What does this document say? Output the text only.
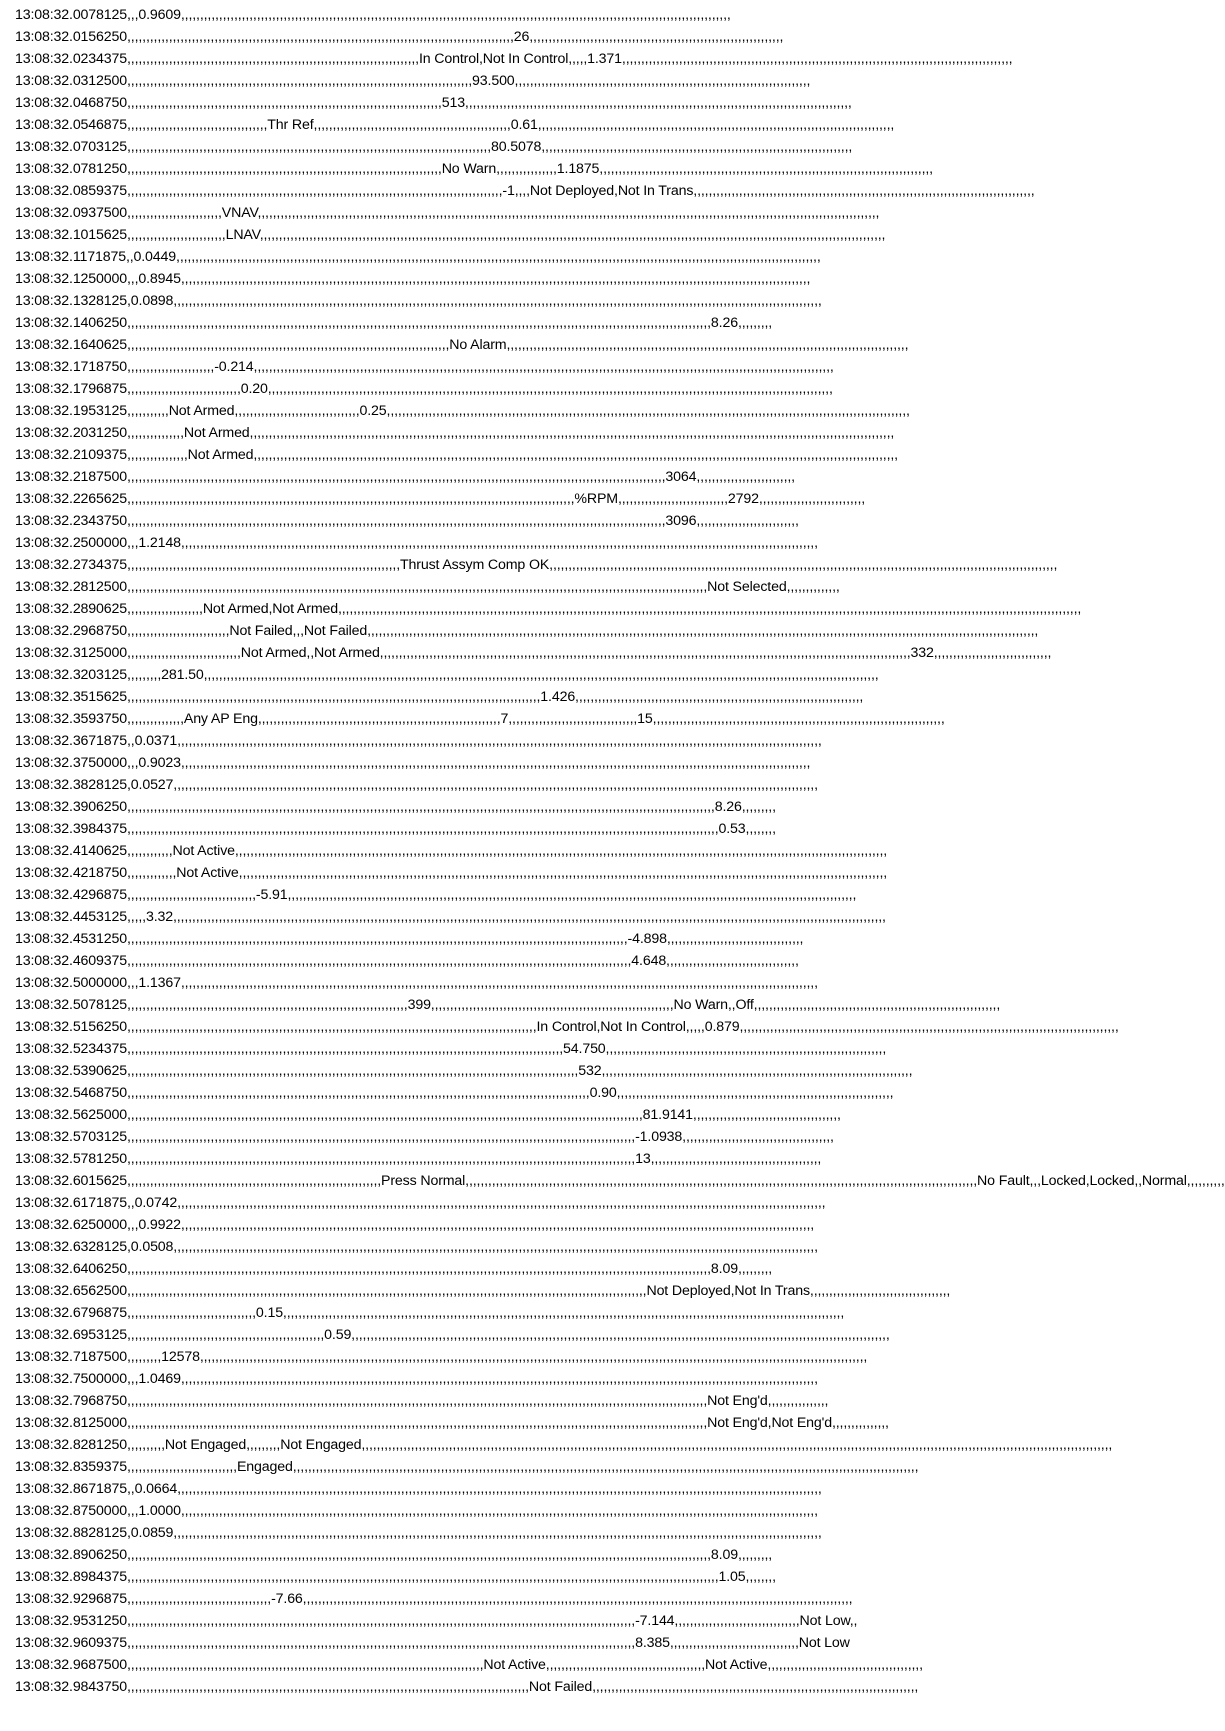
13:08:32.0078125,,,0.9609,,,,,,,,,,,,,,,,,,,,,,,,,,,,,,,,,,,,,,,,,,,,,,,,,,,,,,,,,,,,,,,,,,,,,,,,,,,,,,,,,,,,,,,,,,,,,,,,,,,,,,,,,,,,,,,,,,,,,,,,,,,,,,,,,,,,,,,,,,,,,,,,,
13:08:32.0156250,,,,,,,,,,,,,,,,,,,,,,,,,,,,,,,,,,,,,,,,,,,,,,,,,,,,,,,,,,,,,,,,,,,,,,,,,,,,,,,,,,,,,,,,,,,,,,,,,,,,,,26,,,,,,,,,,,,,,,,,,,,,,,,,,,,,,,,,,,,,,,,,,,,,,,,,,,,,,,,,,,,,,,,,,,
13:08:32.0234375,,,,,,,,,,,,,,,,,,,,,,,,,,,,,,,,,,,,,,,,,,,,,,,,,,,,,,,,,,,,,,,,,,,,,,,,,,,,,In Control,Not In Control,,,,,1.371,,,,,,,,,,,,,,,,,,,,,,,,,,,,,,,,,,,,,,,,,,,,,,,,,,,,,,,,,,,,,,,,,,,,,,,,,,,,,,,,,,,,,,,,,,,,,,,,,,,,,,,
13:08:32.0312500,,,,,,,,,,,,,,,,,,,,,,,,,,,,,,,,,,,,,,,,,,,,,,,,,,,,,,,,,,,,,,,,,,,,,,,,,,,,,,,,,,,,,,,,,,,93.500,,,,,,,,,,,,,,,,,,,,,,,,,,,,,,,,,,,,,,,,,,,,,,,,,,,,,,,,,,,,,,,,,,,,,,,,,,,,,,
13:08:32.0468750,,,,,,,,,,,,,,,,,,,,,,,,,,,,,,,,,,,,,,,,,,,,,,,,,,,,,,,,,,,,,,,,,,,,,,,,,,,,,,,,,,,513,,,,,,,,,,,,,,,,,,,,,,,,,,,,,,,,,,,,,,,,,,,,,,,,,,,,,,,,,,,,,,,,,,,,,,,,,,,,,,,,,,,,,,,,,,,,,,,,,,,,,,
13:08:32.0546875,,,,,,,,,,,,,,,,,,,,,,,,,,,,,,,,,,,,,Thr Ref,,,,,,,,,,,,,,,,,,,,,,,,,,,,,,,,,,,,,,,,,,,,,,,,,,,,0.61,,,,,,,,,,,,,,,,,,,,,,,,,,,,,,,,,,,,,,,,,,,,,,,,,,,,,,,,,,,,,,,,,,,,,,,,,,,,,,,,,,,,,,,,,,,,,,
13:08:32.0703125,,,,,,,,,,,,,,,,,,,,,,,,,,,,,,,,,,,,,,,,,,,,,,,,,,,,,,,,,,,,,,,,,,,,,,,,,,,,,,,,,,,,,,,,,,,,,,,,80.5078,,,,,,,,,,,,,,,,,,,,,,,,,,,,,,,,,,,,,,,,,,,,,,,,,,,,,,,,,,,,,,,,,,,,,,,,,,,,,,,,,,
13:08:32.0781250,,,,,,,,,,,,,,,,,,,,,,,,,,,,,,,,,,,,,,,,,,,,,,,,,,,,,,,,,,,,,,,,,,,,,,,,,,,,,,,,,,,No Warn,,,,,,,,,,,,,,,,1.1875,,,,,,,,,,,,,,,,,,,,,,,,,,,,,,,,,,,,,,,,,,,,,,,,,,,,,,,,,,,,,,,,,,,,,,,,,,,,,,,,,,,,,,,,
13:08:32.0859375,,,,,,,,,,,,,,,,,,,,,,,,,,,,,,,,,,,,,,,,,,,,,,,,,,,,,,,,,,,,,,,,,,,,,,,,,,,,,,,,,,,,,,,,,,,,,,,,,,,-1,,,,Not Deployed,Not In Trans,,,,,,,,,,,,,,,,,,,,,,,,,,,,,,,,,,,,,,,,,,,,,,,,,,,,,,,,,,,,,,,,,,,,,,,,,,,,,,,,,,,,,,,,,,
13:08:32.0937500,,,,,,,,,,,,,,,,,,,,,,,,,VNAV,,,,,,,,,,,,,,,,,,,,,,,,,,,,,,,,,,,,,,,,,,,,,,,,,,,,,,,,,,,,,,,,,,,,,,,,,,,,,,,,,,,,,,,,,,,,,,,,,,,,,,,,,,,,,,,,,,,,,,,,,,,,,,,,,,,,,,,,,,,,,,,,,,,,,,,,,,,,,,,,,,,,
13:08:32.1015625,,,,,,,,,,,,,,,,,,,,,,,,,,LNAV,,,,,,,,,,,,,,,,,,,,,,,,,,,,,,,,,,,,,,,,,,,,,,,,,,,,,,,,,,,,,,,,,,,,,,,,,,,,,,,,,,,,,,,,,,,,,,,,,,,,,,,,,,,,,,,,,,,,,,,,,,,,,,,,,,,,,,,,,,,,,,,,,,,,,,,,,,,,,,,,,,,,,
13:08:32.1171875,,0.0449,,,,,,,,,,,,,,,,,,,,,,,,,,,,,,,,,,,,,,,,,,,,,,,,,,,,,,,,,,,,,,,,,,,,,,,,,,,,,,,,,,,,,,,,,,,,,,,,,,,,,,,,,,,,,,,,,,,,,,,,,,,,,,,,,,,,,,,,,,,,,,,,,,,,,,,,,,,,,,,,,,,,,,,,,,
13:08:32.1250000,,,0.8945,,,,,,,,,,,,,,,,,,,,,,,,,,,,,,,,,,,,,,,,,,,,,,,,,,,,,,,,,,,,,,,,,,,,,,,,,,,,,,,,,,,,,,,,,,,,,,,,,,,,,,,,,,,,,,,,,,,,,,,,,,,,,,,,,,,,,,,,,,,,,,,,,,,,,,,,,,,,,,,,,,,,,,
13:08:32.1328125,0.0898,,,,,,,,,,,,,,,,,,,,,,,,,,,,,,,,,,,,,,,,,,,,,,,,,,,,,,,,,,,,,,,,,,,,,,,,,,,,,,,,,,,,,,,,,,,,,,,,,,,,,,,,,,,,,,,,,,,,,,,,,,,,,,,,,,,,,,,,,,,,,,,,,,,,,,,,,,,,,,,,,,,,,,,,,,,
13:08:32.1406250,,,,,,,,,,,,,,,,,,,,,,,,,,,,,,,,,,,,,,,,,,,,,,,,,,,,,,,,,,,,,,,,,,,,,,,,,,,,,,,,,,,,,,,,,,,,,,,,,,,,,,,,,,,,,,,,,,,,,,,,,,,,,,,,,,,,,,,,,,,,,,,,,,,,,,,,,,8.26,,,,,,,,,
13:08:32.1640625,,,,,,,,,,,,,,,,,,,,,,,,,,,,,,,,,,,,,,,,,,,,,,,,,,,,,,,,,,,,,,,,,,,,,,,,,,,,,,,,,,,,,No Alarm,,,,,,,,,,,,,,,,,,,,,,,,,,,,,,,,,,,,,,,,,,,,,,,,,,,,,,,,,,,,,,,,,,,,,,,,,,,,,,,,,,,,,,,,,,,,,,,,,,,,,,,,,,
13:08:32.1718750,,,,,,,,,,,,,,,,,,,,,,,-0.214,,,,,,,,,,,,,,,,,,,,,,,,,,,,,,,,,,,,,,,,,,,,,,,,,,,,,,,,,,,,,,,,,,,,,,,,,,,,,,,,,,,,,,,,,,,,,,,,,,,,,,,,,,,,,,,,,,,,,,,,,,,,,,,,,,,,,,,,,,,,,,,,,,,,,,,,,
13:08:32.1796875,,,,,,,,,,,,,,,,,,,,,,,,,,,,,,0.20,,,,,,,,,,,,,,,,,,,,,,,,,,,,,,,,,,,,,,,,,,,,,,,,,,,,,,,,,,,,,,,,,,,,,,,,,,,,,,,,,,,,,,,,,,,,,,,,,,,,,,,,,,,,,,,,,,,,,,,,,,,,,,,,,,,,,,,,,,,,,,,,,,,,,
13:08:32.1953125,,,,,,,,,,,Not Armed,,,,,,,,,,,,,,,,,,,,,,,,,,,,,,,,,0.25,,,,,,,,,,,,,,,,,,,,,,,,,,,,,,,,,,,,,,,,,,,,,,,,,,,,,,,,,,,,,,,,,,,,,,,,,,,,,,,,,,,,,,,,,,,,,,,,,,,,,,,,,,,,,,,,,,,,,,,,,,,,,,,,,,,,,,,,,,
13:08:32.2031250,,,,,,,,,,,,,,,Not Armed,,,,,,,,,,,,,,,,,,,,,,,,,,,,,,,,,,,,,,,,,,,,,,,,,,,,,,,,,,,,,,,,,,,,,,,,,,,,,,,,,,,,,,,,,,,,,,,,,,,,,,,,,,,,,,,,,,,,,,,,,,,,,,,,,,,,,,,,,,,,,,,,,,,,,,,,,,,,,,,,,,,,,,,,,,
13:08:32.2109375,,,,,,,,,,,,,,,,Not Armed,,,,,,,,,,,,,,,,,,,,,,,,,,,,,,,,,,,,,,,,,,,,,,,,,,,,,,,,,,,,,,,,,,,,,,,,,,,,,,,,,,,,,,,,,,,,,,,,,,,,,,,,,,,,,,,,,,,,,,,,,,,,,,,,,,,,,,,,,,,,,,,,,,,,,,,,,,,,,,,,,,,,,,,,,,
13:08:32.2187500,,,,,,,,,,,,,,,,,,,,,,,,,,,,,,,,,,,,,,,,,,,,,,,,,,,,,,,,,,,,,,,,,,,,,,,,,,,,,,,,,,,,,,,,,,,,,,,,,,,,,,,,,,,,,,,,,,,,,,,,,,,,,,,,,,,,,,,,,,,,,,3064,,,,,,,,,,,,,,,,,,,,,,,,,,
13:08:32.2265625,,,,,,,,,,,,,,,,,,,,,,,,,,,,,,,,,,,,,,,,,,,,,,,,,,,,,,,,,,,,,,,,,,,,,,,,,,,,,,,,,,,,,,,,,,,,,,,,,,,,,,,,,,,,,,,,,,,,,,%RPM,,,,,,,,,,,,,,,,,,,,,,,,,,,,,2792,,,,,,,,,,,,,,,,,,,,,,,,,,,,
13:08:32.2343750,,,,,,,,,,,,,,,,,,,,,,,,,,,,,,,,,,,,,,,,,,,,,,,,,,,,,,,,,,,,,,,,,,,,,,,,,,,,,,,,,,,,,,,,,,,,,,,,,,,,,,,,,,,,,,,,,,,,,,,,,,,,,,,,,,,,,,,,,,,,,,3096,,,,,,,,,,,,,,,,,,,,,,,,,,,
13:08:32.2500000,,,1.2148,,,,,,,,,,,,,,,,,,,,,,,,,,,,,,,,,,,,,,,,,,,,,,,,,,,,,,,,,,,,,,,,,,,,,,,,,,,,,,,,,,,,,,,,,,,,,,,,,,,,,,,,,,,,,,,,,,,,,,,,,,,,,,,,,,,,,,,,,,,,,,,,,,,,,,,,,,,,,,,,,,,,,,,,
13:08:32.2734375,,,,,,,,,,,,,,,,,,,,,,,,,,,,,,,,,,,,,,,,,,,,,,,,,,,,,,,,,,,,,,,,,,,,,,,,Thrust Assym Comp OK,,,,,,,,,,,,,,,,,,,,,,,,,,,,,,,,,,,,,,,,,,,,,,,,,,,,,,,,,,,,,,,,,,,,,,,,,,,,,,,,,,,,,,,,,,,,,,,,,,,,,,,,,,,,,,,,,,,,,,,,,,,,,,,,,,,,,,
13:08:32.2812500,,,,,,,,,,,,,,,,,,,,,,,,,,,,,,,,,,,,,,,,,,,,,,,,,,,,,,,,,,,,,,,,,,,,,,,,,,,,,,,,,,,,,,,,,,,,,,,,,,,,,,,,,,,,,,,,,,,,,,,,,,,,,,,,,,,,,,,,,,,,,,,,,,,,,,,,,Not Selected,,,,,,,,,,,,,,
13:08:32.2890625,,,,,,,,,,,,,,,,,,,,Not Armed,Not Armed,,,,,,,,,,,,,,,,,,,,,,,,,,,,,,,,,,,,,,,,,,,,,,,,,,,,,,,,,,,,,,,,,,,,,,,,,,,,,,,,,,,,,,,,,,,,,,,,,,,,,,,,,,,,,,,,,,,,,,,,,,,,,,,,,,,,,,,,,,,,,,,,,,,,,,,,,,,,,,,,,,,,,,,,,,,,,,,,,,,,,,,,,,,,,,,,,,,,
13:08:32.2968750,,,,,,,,,,,,,,,,,,,,,,,,,,,Not Failed,,,Not Failed,,,,,,,,,,,,,,,,,,,,,,,,,,,,,,,,,,,,,,,,,,,,,,,,,,,,,,,,,,,,,,,,,,,,,,,,,,,,,,,,,,,,,,,,,,,,,,,,,,,,,,,,,,,,,,,,,,,,,,,,,,,,,,,,,,,,,,,,,,,,,,,,,,,,,,,,,,,,,,,,,,,,,,,,,,,,,,,,,
13:08:32.3125000,,,,,,,,,,,,,,,,,,,,,,,,,,,,,,Not Armed,,Not Armed,,,,,,,,,,,,,,,,,,,,,,,,,,,,,,,,,,,,,,,,,,,,,,,,,,,,,,,,,,,,,,,,,,,,,,,,,,,,,,,,,,,,,,,,,,,,,,,,,,,,,,,,,,,,,,,,,,,,,,,,,,,,,,,,,,,,,,,,,,,,332,,,,,,,,,,,,,,,,,,,,,,,,,,,,,,,
13:08:32.3203125,,,,,,,,,281.50,,,,,,,,,,,,,,,,,,,,,,,,,,,,,,,,,,,,,,,,,,,,,,,,,,,,,,,,,,,,,,,,,,,,,,,,,,,,,,,,,,,,,,,,,,,,,,,,,,,,,,,,,,,,,,,,,,,,,,,,,,,,,,,,,,,,,,,,,,,,,,,,,,,,,,,,,,,,,,,,,,,,,,,,,,,,,,,,,,
13:08:32.3515625,,,,,,,,,,,,,,,,,,,,,,,,,,,,,,,,,,,,,,,,,,,,,,,,,,,,,,,,,,,,,,,,,,,,,,,,,,,,,,,,,,,,,,,,,,,,,,,,,,,,,,,,,,,,,1.426,,,,,,,,,,,,,,,,,,,,,,,,,,,,,,,,,,,,,,,,,,,,,,,,,,,,,,,,,,,,,,,,,,,,,,,,,,,,
13:08:32.3593750,,,,,,,,,,,,,,,Any AP Eng,,,,,,,,,,,,,,,,,,,,,,,,,,,,,,,,,,,,,,,,,,,,,,,,,,,,,,,,,,,,,,,,7,,,,,,,,,,,,,,,,,,,,,,,,,,,,,,,,,,15,,,,,,,,,,,,,,,,,,,,,,,,,,,,,,,,,,,,,,,,,,,,,,,,,,,,,,,,,,,,,,,,,,,,,,,,,,,,,
13:08:32.3671875,,0.0371,,,,,,,,,,,,,,,,,,,,,,,,,,,,,,,,,,,,,,,,,,,,,,,,,,,,,,,,,,,,,,,,,,,,,,,,,,,,,,,,,,,,,,,,,,,,,,,,,,,,,,,,,,,,,,,,,,,,,,,,,,,,,,,,,,,,,,,,,,,,,,,,,,,,,,,,,,,,,,,,,,,,,,,,,,
13:08:32.3750000,,,0.9023,,,,,,,,,,,,,,,,,,,,,,,,,,,,,,,,,,,,,,,,,,,,,,,,,,,,,,,,,,,,,,,,,,,,,,,,,,,,,,,,,,,,,,,,,,,,,,,,,,,,,,,,,,,,,,,,,,,,,,,,,,,,,,,,,,,,,,,,,,,,,,,,,,,,,,,,,,,,,,,,,,,,,,
13:08:32.3828125,0.0527,,,,,,,,,,,,,,,,,,,,,,,,,,,,,,,,,,,,,,,,,,,,,,,,,,,,,,,,,,,,,,,,,,,,,,,,,,,,,,,,,,,,,,,,,,,,,,,,,,,,,,,,,,,,,,,,,,,,,,,,,,,,,,,,,,,,,,,,,,,,,,,,,,,,,,,,,,,,,,,,,,,,,,,,,,
13:08:32.3906250,,,,,,,,,,,,,,,,,,,,,,,,,,,,,,,,,,,,,,,,,,,,,,,,,,,,,,,,,,,,,,,,,,,,,,,,,,,,,,,,,,,,,,,,,,,,,,,,,,,,,,,,,,,,,,,,,,,,,,,,,,,,,,,,,,,,,,,,,,,,,,,,,,,,,,,,,,,8.26,,,,,,,,,
13:08:32.3984375,,,,,,,,,,,,,,,,,,,,,,,,,,,,,,,,,,,,,,,,,,,,,,,,,,,,,,,,,,,,,,,,,,,,,,,,,,,,,,,,,,,,,,,,,,,,,,,,,,,,,,,,,,,,,,,,,,,,,,,,,,,,,,,,,,,,,,,,,,,,,,,,,,,,,,,,,,,,0.53,,,,,,,,
13:08:32.4140625,,,,,,,,,,,,Not Active,,,,,,,,,,,,,,,,,,,,,,,,,,,,,,,,,,,,,,,,,,,,,,,,,,,,,,,,,,,,,,,,,,,,,,,,,,,,,,,,,,,,,,,,,,,,,,,,,,,,,,,,,,,,,,,,,,,,,,,,,,,,,,,,,,,,,,,,,,,,,,,,,,,,,,,,,,,,,,,,,,,,,,,,,,,,
13:08:32.4218750,,,,,,,,,,,,,Not Active,,,,,,,,,,,,,,,,,,,,,,,,,,,,,,,,,,,,,,,,,,,,,,,,,,,,,,,,,,,,,,,,,,,,,,,,,,,,,,,,,,,,,,,,,,,,,,,,,,,,,,,,,,,,,,,,,,,,,,,,,,,,,,,,,,,,,,,,,,,,,,,,,,,,,,,,,,,,,,,,,,,,,,,,,,,
13:08:32.4296875,,,,,,,,,,,,,,,,,,,,,,,,,,,,,,,,,,-5.91,,,,,,,,,,,,,,,,,,,,,,,,,,,,,,,,,,,,,,,,,,,,,,,,,,,,,,,,,,,,,,,,,,,,,,,,,,,,,,,,,,,,,,,,,,,,,,,,,,,,,,,,,,,,,,,,,,,,,,,,,,,,,,,,,,,,,,,,,,,,,,,,,,,,,,
13:08:32.4453125,,,,,3.32,,,,,,,,,,,,,,,,,,,,,,,,,,,,,,,,,,,,,,,,,,,,,,,,,,,,,,,,,,,,,,,,,,,,,,,,,,,,,,,,,,,,,,,,,,,,,,,,,,,,,,,,,,,,,,,,,,,,,,,,,,,,,,,,,,,,,,,,,,,,,,,,,,,,,,,,,,,,,,,,,,,,,,,,,,,,,,,,,,,,,,,,,,,,
13:08:32.4531250,,,,,,,,,,,,,,,,,,,,,,,,,,,,,,,,,,,,,,,,,,,,,,,,,,,,,,,,,,,,,,,,,,,,,,,,,,,,,,,,,,,,,,,,,,,,,,,,,,,,,,,,,,,,,,,,,,,,,,,,,,,,,,,,,,,,-4.898,,,,,,,,,,,,,,,,,,,,,,,,,,,,,,,,,,,,
13:08:32.4609375,,,,,,,,,,,,,,,,,,,,,,,,,,,,,,,,,,,,,,,,,,,,,,,,,,,,,,,,,,,,,,,,,,,,,,,,,,,,,,,,,,,,,,,,,,,,,,,,,,,,,,,,,,,,,,,,,,,,,,,,,,,,,,,,,,,,,4.648,,,,,,,,,,,,,,,,,,,,,,,,,,,,,,,,,,,
13:08:32.5000000,,,1.1367,,,,,,,,,,,,,,,,,,,,,,,,,,,,,,,,,,,,,,,,,,,,,,,,,,,,,,,,,,,,,,,,,,,,,,,,,,,,,,,,,,,,,,,,,,,,,,,,,,,,,,,,,,,,,,,,,,,,,,,,,,,,,,,,,,,,,,,,,,,,,,,,,,,,,,,,,,,,,,,,,,,,,,,,
13:08:32.5078125,,,,,,,,,,,,,,,,,,,,,,,,,,,,,,,,,,,,,,,,,,,,,,,,,,,,,,,,,,,,,,,,,,,,,,,,,,399,,,,,,,,,,,,,,,,,,,,,,,,,,,,,,,,,,,,,,,,,,,,,,,,,,,,,,,,,,,,,,,,No Warn,,Off,,,,,,,,,,,,,,,,,,,,,,,,,,,,,,,,,,,,,,,,,,,,,,,,,,,,,,,,,,,,,,,,,
13:08:32.5156250,,,,,,,,,,,,,,,,,,,,,,,,,,,,,,,,,,,,,,,,,,,,,,,,,,,,,,,,,,,,,,,,,,,,,,,,,,,,,,,,,,,,,,,,,,,,,,,,,,,,,,,,,,,,In Control,Not In Control,,,,,0.879,,,,,,,,,,,,,,,,,,,,,,,,,,,,,,,,,,,,,,,,,,,,,,,,,,,,,,,,,,,,,,,,,,,,,,,,,,,,,,,,,,,,,,,,,,,,,,,,,,,,
13:08:32.5234375,,,,,,,,,,,,,,,,,,,,,,,,,,,,,,,,,,,,,,,,,,,,,,,,,,,,,,,,,,,,,,,,,,,,,,,,,,,,,,,,,,,,,,,,,,,,,,,,,,,,,,,,,,,,,,,,,,,54.750,,,,,,,,,,,,,,,,,,,,,,,,,,,,,,,,,,,,,,,,,,,,,,,,,,,,,,,,,,,,,,,,,,,,,,,,,,
13:08:32.5390625,,,,,,,,,,,,,,,,,,,,,,,,,,,,,,,,,,,,,,,,,,,,,,,,,,,,,,,,,,,,,,,,,,,,,,,,,,,,,,,,,,,,,,,,,,,,,,,,,,,,,,,,,,,,,,,,,,,,,,,532,,,,,,,,,,,,,,,,,,,,,,,,,,,,,,,,,,,,,,,,,,,,,,,,,,,,,,,,,,,,,,,,,,,,,,,,,,,,,,,,,,
13:08:32.5468750,,,,,,,,,,,,,,,,,,,,,,,,,,,,,,,,,,,,,,,,,,,,,,,,,,,,,,,,,,,,,,,,,,,,,,,,,,,,,,,,,,,,,,,,,,,,,,,,,,,,,,,,,,,,,,,,,,,,,,,,,,0.90,,,,,,,,,,,,,,,,,,,,,,,,,,,,,,,,,,,,,,,,,,,,,,,,,,,,,,,,,,,,,,,,,,,,,,,,,
13:08:32.5625000,,,,,,,,,,,,,,,,,,,,,,,,,,,,,,,,,,,,,,,,,,,,,,,,,,,,,,,,,,,,,,,,,,,,,,,,,,,,,,,,,,,,,,,,,,,,,,,,,,,,,,,,,,,,,,,,,,,,,,,,,,,,,,,,,,,,,,,,81.9141,,,,,,,,,,,,,,,,,,,,,,,,,,,,,,,,,,,,,,,
13:08:32.5703125,,,,,,,,,,,,,,,,,,,,,,,,,,,,,,,,,,,,,,,,,,,,,,,,,,,,,,,,,,,,,,,,,,,,,,,,,,,,,,,,,,,,,,,,,,,,,,,,,,,,,,,,,,,,,,,,,,,,,,,,,,,,,,,,,,,,,,-1.0938,,,,,,,,,,,,,,,,,,,,,,,,,,,,,,,,,,,,,,,,
13:08:32.5781250,,,,,,,,,,,,,,,,,,,,,,,,,,,,,,,,,,,,,,,,,,,,,,,,,,,,,,,,,,,,,,,,,,,,,,,,,,,,,,,,,,,,,,,,,,,,,,,,,,,,,,,,,,,,,,,,,,,,,,,,,,,,,,,,,,,,,,13,,,,,,,,,,,,,,,,,,,,,,,,,,,,,,,,,,,,,,,,,,,,,
13:08:32.6015625,,,,,,,,,,,,,,,,,,,,,,,,,,,,,,,,,,,,,,,,,,,,,,,,,,,,,,,,,,,,,,,,,,,Press Normal,,,,,,,,,,,,,,,,,,,,,,,,,,,,,,,,,,,,,,,,,,,,,,,,,,,,,,,,,,,,,,,,,,,,,,,,,,,,,,,,,,,,,,,,,,,,,,,,,,,,,,,,,,,,,,,,,,,,,,,,,,,,,,,,,,,,,,,No Fault,,,Locked,Locked,,Normal,,,,,,,,,,
13:08:32.6171875,,0.0742,,,,,,,,,,,,,,,,,,,,,,,,,,,,,,,,,,,,,,,,,,,,,,,,,,,,,,,,,,,,,,,,,,,,,,,,,,,,,,,,,,,,,,,,,,,,,,,,,,,,,,,,,,,,,,,,,,,,,,,,,,,,,,,,,,,,,,,,,,,,,,,,,,,,,,,,,,,,,,,,,,,,,,,,,,,
13:08:32.6250000,,,0.9922,,,,,,,,,,,,,,,,,,,,,,,,,,,,,,,,,,,,,,,,,,,,,,,,,,,,,,,,,,,,,,,,,,,,,,,,,,,,,,,,,,,,,,,,,,,,,,,,,,,,,,,,,,,,,,,,,,,,,,,,,,,,,,,,,,,,,,,,,,,,,,,,,,,,,,,,,,,,,,,,,,,,,,,
13:08:32.6328125,0.0508,,,,,,,,,,,,,,,,,,,,,,,,,,,,,,,,,,,,,,,,,,,,,,,,,,,,,,,,,,,,,,,,,,,,,,,,,,,,,,,,,,,,,,,,,,,,,,,,,,,,,,,,,,,,,,,,,,,,,,,,,,,,,,,,,,,,,,,,,,,,,,,,,,,,,,,,,,,,,,,,,,,,,,,,,,
13:08:32.6406250,,,,,,,,,,,,,,,,,,,,,,,,,,,,,,,,,,,,,,,,,,,,,,,,,,,,,,,,,,,,,,,,,,,,,,,,,,,,,,,,,,,,,,,,,,,,,,,,,,,,,,,,,,,,,,,,,,,,,,,,,,,,,,,,,,,,,,,,,,,,,,,,,,,,,,,,,,8.09,,,,,,,,,
13:08:32.6562500,,,,,,,,,,,,,,,,,,,,,,,,,,,,,,,,,,,,,,,,,,,,,,,,,,,,,,,,,,,,,,,,,,,,,,,,,,,,,,,,,,,,,,,,,,,,,,,,,,,,,,,,,,,,,,,,,,,,,,,,,,,,,,,,,,,,,,,,,Not Deployed,Not In Trans,,,,,,,,,,,,,,,,,,,,,,,,,,,,,,,,,,,,,
13:08:32.6796875,,,,,,,,,,,,,,,,,,,,,,,,,,,,,,,,,,0.15,,,,,,,,,,,,,,,,,,,,,,,,,,,,,,,,,,,,,,,,,,,,,,,,,,,,,,,,,,,,,,,,,,,,,,,,,,,,,,,,,,,,,,,,,,,,,,,,,,,,,,,,,,,,,,,,,,,,,,,,,,,,,,,,,,,,,,,,,,,,,,,,,,,,
13:08:32.6953125,,,,,,,,,,,,,,,,,,,,,,,,,,,,,,,,,,,,,,,,,,,,,,,,,,,,0.59,,,,,,,,,,,,,,,,,,,,,,,,,,,,,,,,,,,,,,,,,,,,,,,,,,,,,,,,,,,,,,,,,,,,,,,,,,,,,,,,,,,,,,,,,,,,,,,,,,,,,,,,,,,,,,,,,,,,,,,,,,,,,,,,,,,,,,,,,,,,,,
13:08:32.7187500,,,,,,,,,12578,,,,,,,,,,,,,,,,,,,,,,,,,,,,,,,,,,,,,,,,,,,,,,,,,,,,,,,,,,,,,,,,,,,,,,,,,,,,,,,,,,,,,,,,,,,,,,,,,,,,,,,,,,,,,,,,,,,,,,,,,,,,,,,,,,,,,,,,,,,,,,,,,,,,,,,,,,,,,,,,,,,,,,,,,,,,,,,,
13:08:32.7500000,,,1.0469,,,,,,,,,,,,,,,,,,,,,,,,,,,,,,,,,,,,,,,,,,,,,,,,,,,,,,,,,,,,,,,,,,,,,,,,,,,,,,,,,,,,,,,,,,,,,,,,,,,,,,,,,,,,,,,,,,,,,,,,,,,,,,,,,,,,,,,,,,,,,,,,,,,,,,,,,,,,,,,,,,,,,,,,
13:08:32.7968750,,,,,,,,,,,,,,,,,,,,,,,,,,,,,,,,,,,,,,,,,,,,,,,,,,,,,,,,,,,,,,,,,,,,,,,,,,,,,,,,,,,,,,,,,,,,,,,,,,,,,,,,,,,,,,,,,,,,,,,,,,,,,,,,,,,,,,,,,,,,,,,,,,,,,,,,,Not Eng'd,,,,,,,,,,,,,,,,
13:08:32.8125000,,,,,,,,,,,,,,,,,,,,,,,,,,,,,,,,,,,,,,,,,,,,,,,,,,,,,,,,,,,,,,,,,,,,,,,,,,,,,,,,,,,,,,,,,,,,,,,,,,,,,,,,,,,,,,,,,,,,,,,,,,,,,,,,,,,,,,,,,,,,,,,,,,,,,,,,,Not Eng'd,Not Eng'd,,,,,,,,,,,,,,,
13:08:32.8281250,,,,,,,,,,Not Engaged,,,,,,,,,Not Engaged,,,,,,,,,,,,,,,,,,,,,,,,,,,,,,,,,,,,,,,,,,,,,,,,,,,,,,,,,,,,,,,,,,,,,,,,,,,,,,,,,,,,,,,,,,,,,,,,,,,,,,,,,,,,,,,,,,,,,,,,,,,,,,,,,,,,,,,,,,,,,,,,,,,,,,,,,,,,,,,,,,,,,,,,,,,,,,,,,,,,,,,,,,,,,,,,,,,,,,
13:08:32.8359375,,,,,,,,,,,,,,,,,,,,,,,,,,,,,Engaged,,,,,,,,,,,,,,,,,,,,,,,,,,,,,,,,,,,,,,,,,,,,,,,,,,,,,,,,,,,,,,,,,,,,,,,,,,,,,,,,,,,,,,,,,,,,,,,,,,,,,,,,,,,,,,,,,,,,,,,,,,,,,,,,,,,,,,,,,,,,,,,,,,,,,,,,,,,,,,,,,,,,,
13:08:32.8671875,,0.0664,,,,,,,,,,,,,,,,,,,,,,,,,,,,,,,,,,,,,,,,,,,,,,,,,,,,,,,,,,,,,,,,,,,,,,,,,,,,,,,,,,,,,,,,,,,,,,,,,,,,,,,,,,,,,,,,,,,,,,,,,,,,,,,,,,,,,,,,,,,,,,,,,,,,,,,,,,,,,,,,,,,,,,,,,,
13:08:32.8750000,,,1.0000,,,,,,,,,,,,,,,,,,,,,,,,,,,,,,,,,,,,,,,,,,,,,,,,,,,,,,,,,,,,,,,,,,,,,,,,,,,,,,,,,,,,,,,,,,,,,,,,,,,,,,,,,,,,,,,,,,,,,,,,,,,,,,,,,,,,,,,,,,,,,,,,,,,,,,,,,,,,,,,,,,,,,,,,
13:08:32.8828125,0.0859,,,,,,,,,,,,,,,,,,,,,,,,,,,,,,,,,,,,,,,,,,,,,,,,,,,,,,,,,,,,,,,,,,,,,,,,,,,,,,,,,,,,,,,,,,,,,,,,,,,,,,,,,,,,,,,,,,,,,,,,,,,,,,,,,,,,,,,,,,,,,,,,,,,,,,,,,,,,,,,,,,,,,,,,,,,
13:08:32.8906250,,,,,,,,,,,,,,,,,,,,,,,,,,,,,,,,,,,,,,,,,,,,,,,,,,,,,,,,,,,,,,,,,,,,,,,,,,,,,,,,,,,,,,,,,,,,,,,,,,,,,,,,,,,,,,,,,,,,,,,,,,,,,,,,,,,,,,,,,,,,,,,,,,,,,,,,,,8.09,,,,,,,,,
13:08:32.8984375,,,,,,,,,,,,,,,,,,,,,,,,,,,,,,,,,,,,,,,,,,,,,,,,,,,,,,,,,,,,,,,,,,,,,,,,,,,,,,,,,,,,,,,,,,,,,,,,,,,,,,,,,,,,,,,,,,,,,,,,,,,,,,,,,,,,,,,,,,,,,,,,,,,,,,,,,,,,1.05,,,,,,,,
13:08:32.9296875,,,,,,,,,,,,,,,,,,,,,,,,,,,,,,,,,,,,,,-7.66,,,,,,,,,,,,,,,,,,,,,,,,,,,,,,,,,,,,,,,,,,,,,,,,,,,,,,,,,,,,,,,,,,,,,,,,,,,,,,,,,,,,,,,,,,,,,,,,,,,,,,,,,,,,,,,,,,,,,,,,,,,,,,,,,,,,,,,,,,,,,,,,,
13:08:32.9531250,,,,,,,,,,,,,,,,,,,,,,,,,,,,,,,,,,,,,,,,,,,,,,,,,,,,,,,,,,,,,,,,,,,,,,,,,,,,,,,,,,,,,,,,,,,,,,,,,,,,,,,,,,,,,,,,,,,,,,,,,,,,,,,,,,,,,,-7.144,,,,,,,,,,,,,,,,,,,,,,,,,,,,,,,,,Not Low,,
13:08:32.9609375,,,,,,,,,,,,,,,,,,,,,,,,,,,,,,,,,,,,,,,,,,,,,,,,,,,,,,,,,,,,,,,,,,,,,,,,,,,,,,,,,,,,,,,,,,,,,,,,,,,,,,,,,,,,,,,,,,,,,,,,,,,,,,,,,,,,,,8.385,,,,,,,,,,,,,,,,,,,,,,,,,,,,,,,,,,Not Low
13:08:32.9687500,,,,,,,,,,,,,,,,,,,,,,,,,,,,,,,,,,,,,,,,,,,,,,,,,,,,,,,,,,,,,,,,,,,,,,,,,,,,,,,,,,,,,,,,,,,,,,Not Active,,,,,,,,,,,,,,,,,,,,,,,,,,,,,,,,,,,,,,,,,,Not Active,,,,,,,,,,,,,,,,,,,,,,,,,,,,,,,,,,,,,,,,,
13:08:32.9843750,,,,,,,,,,,,,,,,,,,,,,,,,,,,,,,,,,,,,,,,,,,,,,,,,,,,,,,,,,,,,,,,,,,,,,,,,,,,,,,,,,,,,,,,,,,,,,,,,,,,,,,,,,Not Failed,,,,,,,,,,,,,,,,,,,,,,,,,,,,,,,,,,,,,,,,,,,,,,,,,,,,,,,,,,,,,,,,,,,,,,,,,,,,,,,,,,,,,,
